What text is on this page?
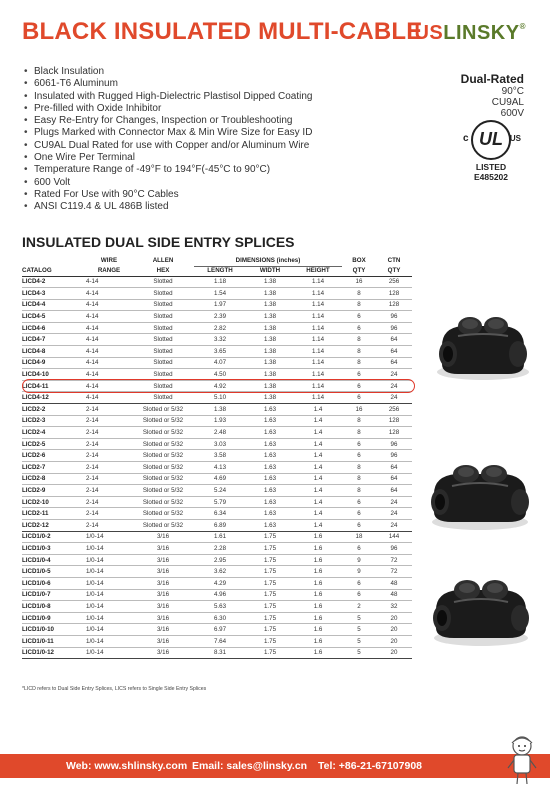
BLACK INSULATED MULTI-CABLE
USLINSKY®
• Black Insulation
• 6061-T6 Aluminum
• Insulated with Rugged High-Dielectric Plastisol Dipped Coating
• Pre-filled with Oxide Inhibitor
• Easy Re-Entry for Changes, Inspection or Troubleshooting
• Plugs Marked with Connector Max & Min Wire Size for Easy ID
• CU9AL Dual Rated for use with Copper and/or Aluminum Wire
• One Wire Per Terminal
• Temperature Range of -49°F to 194°F(-45°C to 90°C)
• 600 Volt
• Rated For Use with 90°C Cables
• ANSI C119.4 & UL 486B listed
Dual-Rated
90°C
CU9AL
600V
c UL US
LISTED
E485202
INSULATED DUAL SIDE ENTRY SPLICES
	WIRE	ALLEN	DIMENSIONS (inches)			BOX	CTN
CATALOG	RANGE	HEX	LENGTH	WIDTH	HEIGHT	QTY	QTY
LICD4-2	4-14	Slotted	1.18	1.38	1.14	16	256
LICD4-3	4-14	Slotted	1.54	1.38	1.14	8	128
LICD4-4	4-14	Slotted	1.97	1.38	1.14	8	128
LICD4-5	4-14	Slotted	2.39	1.38	1.14	6	96
LICD4-6	4-14	Slotted	2.82	1.38	1.14	6	96
LICD4-7	4-14	Slotted	3.32	1.38	1.14	8	64
LICD4-8	4-14	Slotted	3.65	1.38	1.14	8	64
LICD4-9	4-14	Slotted	4.07	1.38	1.14	8	64
LICD4-10	4-14	Slotted	4.50	1.38	1.14	6	24
LICD4-11	4-14	Slotted	4.92	1.38	1.14	6	24
LICD4-12	4-14	Slotted	5.10	1.38	1.14	6	24
LICD2-2	2-14	Slotted or 5/32	1.38	1.63	1.4	16	256
LICD2-3	2-14	Slotted or 5/32	1.93	1.63	1.4	8	128
LICD2-4	2-14	Slotted or 5/32	2.48	1.63	1.4	8	128
LICD2-5	2-14	Slotted or 5/32	3.03	1.63	1.4	6	96
LICD2-6	2-14	Slotted or 5/32	3.58	1.63	1.4	6	96
LICD2-7	2-14	Slotted or 5/32	4.13	1.63	1.4	8	64
LICD2-8	2-14	Slotted or 5/32	4.69	1.63	1.4	8	64
LICD2-9	2-14	Slotted or 5/32	5.24	1.63	1.4	8	64
LICD2-10	2-14	Slotted or 5/32	5.79	1.63	1.4	6	24
LICD2-11	2-14	Slotted or 5/32	6.34	1.63	1.4	6	24
LICD2-12	2-14	Slotted or 5/32	6.89	1.63	1.4	6	24
LICD1/0-2	1/0-14	3/16	1.61	1.75	1.6	18	144
LICD1/0-3	1/0-14	3/16	2.28	1.75	1.6	6	96
LICD1/0-4	1/0-14	3/16	2.95	1.75	1.6	9	72
LICD1/0-5	1/0-14	3/16	3.62	1.75	1.6	9	72
LICD1/0-6	1/0-14	3/16	4.29	1.75	1.6	6	48
LICD1/0-7	1/0-14	3/16	4.96	1.75	1.6	6	48
LICD1/0-8	1/0-14	3/16	5.63	1.75	1.6	2	32
LICD1/0-9	1/0-14	3/16	6.30	1.75	1.6	5	20
LICD1/0-10	1/0-14	3/16	6.97	1.75	1.6	5	20
LICD1/0-11	1/0-14	3/16	7.64	1.75	1.6	5	20
LICD1/0-12	1/0-14	3/16	8.31	1.75	1.6	5	20
*LICD refers to Dual Side Entry Splices, LICS refers to Single Side Entry Splices
Web: www.shlinsky.com Email: sales@linsky.cn Tel: +86-21-67107908
